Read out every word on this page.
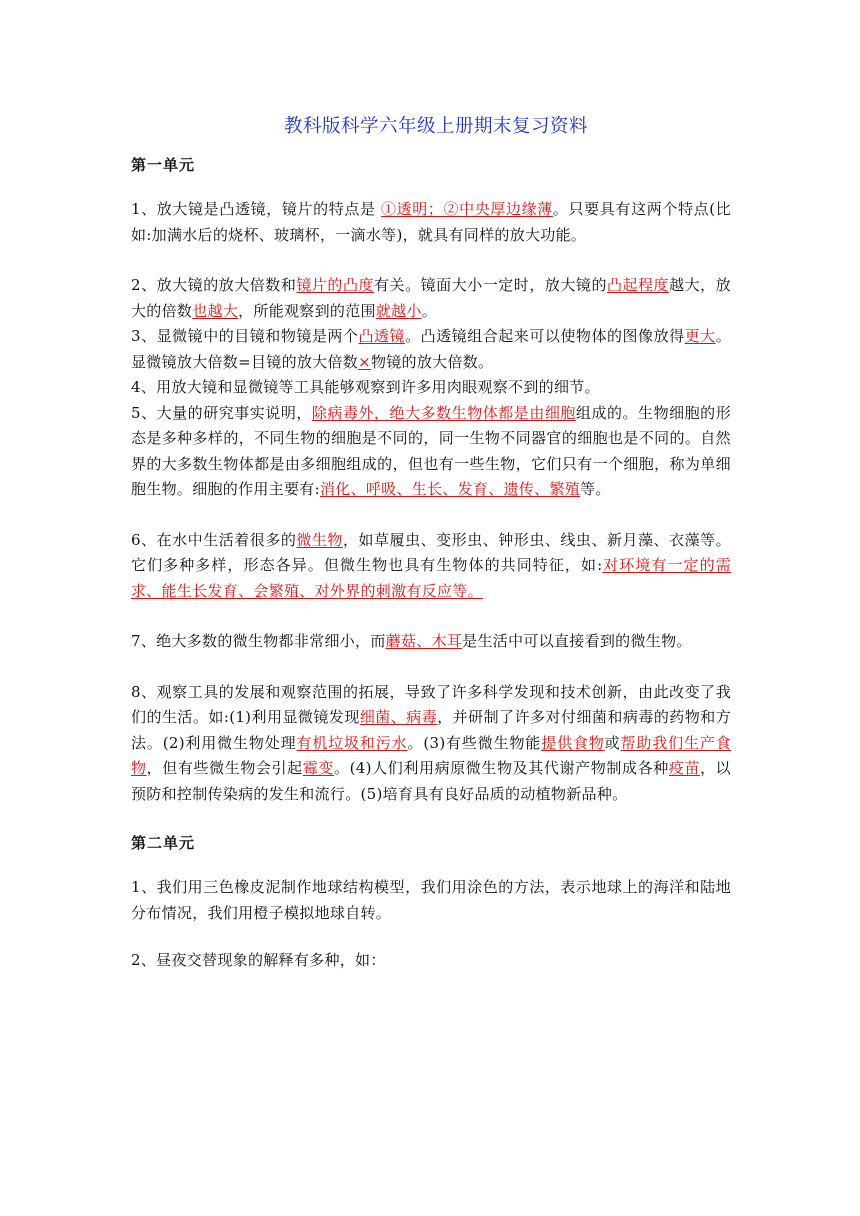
教科版科学六年级上册期末复习资料
第一单元

1、放大镜是凸透镜，镜片的特点是 ①透明；②中央厚边缘薄。只要具有这两个特点(比如:加满水后的烧杯、玻璃杯，一滴水等)，就具有同样的放大功能。

2、放大镜的放大倍数和镜片的凸度有关。镜面大小一定时，放大镜的凸起程度越大，放大的倍数也越大，所能观察到的范围就越小。

3、显微镜中的目镜和物镜是两个凸透镜。凸透镜组合起来可以使物体的图像放得更大。显微镜放大倍数=目镜的放大倍数×物镜的放大倍数。

4、用放大镜和显微镜等工具能够观察到许多用肉眼观察不到的细节。

5、大量的研究事实说明，除病毒外，绝大多数生物体都是由细胞组成的。生物细胞的形态是多种多样的，不同生物的细胞是不同的，同一生物不同器官的细胞也是不同的。自然界的大多数生物体都是由多细胞组成的，但也有一些生物，它们只有一个细胞，称为单细胞生物。细胞的作用主要有:消化、呼吸、生长、发育、遗传、繁殖等。

6、在水中生活着很多的微生物，如草履虫、变形虫、钟形虫、线虫、新月藻、衣藻等。它们多种多样，形态各异。但微生物也具有生物体的共同特征，如:对环境有一定的需求、能生长发育、会繁殖、对外界的刺激有反应等。

7、绝大多数的微生物都非常细小，而蘑菇、木耳是生活中可以直接看到的微生物。

8、观察工具的发展和观察范围的拓展，导致了许多科学发现和技术创新，由此改变了我们的生活。如:(1)利用显微镜发现细菌、病毒，并研制了许多对付细菌和病毒的药物和方法。(2)利用微生物处理有机垃圾和污水。(3)有些微生物能提供食物或帮助我们生产食物，但有些微生物会引起霉变。(4)人们利用病原微生物及其代谢产物制成各种疫苗，以预防和控制传染病的发生和流行。(5)培育具有良好品质的动植物新品种。

第二单元

1、我们用三色橡皮泥制作地球结构模型，我们用涂色的方法，表示地球上的海洋和陆地分布情况，我们用橙子模拟地球自转。

2、昼夜交替现象的解释有多种，如：
